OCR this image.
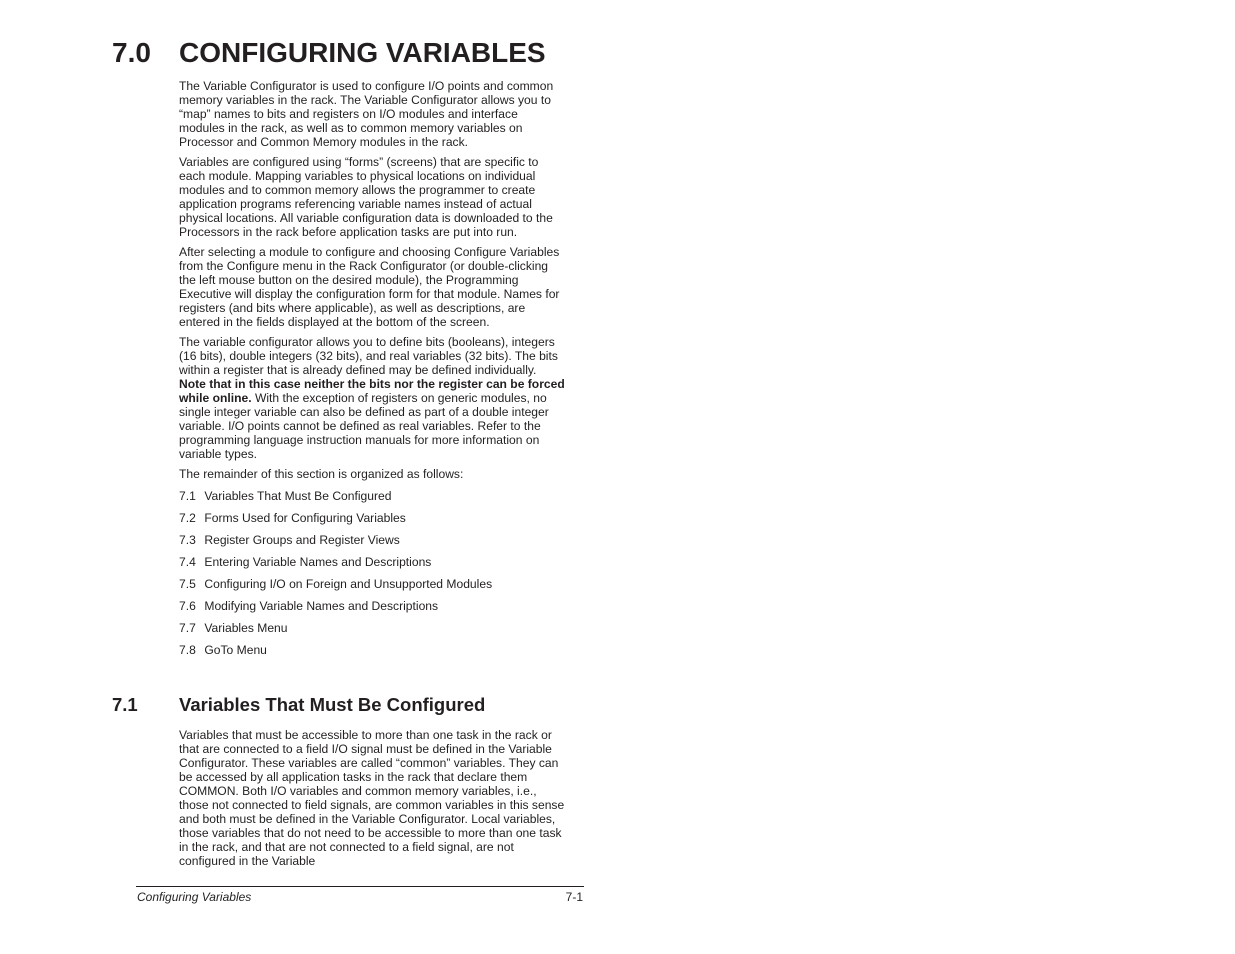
7.0 CONFIGURING VARIABLES

The Variable Configurator is used to configure I/O points and common memory variables in the rack. The Variable Configurator allows you to “map” names to bits and registers on I/O modules and interface modules in the rack, as well as to common memory variables on Processor and Common Memory modules in the rack.

Variables are configured using “forms” (screens) that are specific to each module. Mapping variables to physical locations on individual modules and to common memory allows the programmer to create application programs referencing variable names instead of actual physical locations. All variable configuration data is downloaded to the Processors in the rack before application tasks are put into run.

After selecting a module to configure and choosing Configure Variables from the Configure menu in the Rack Configurator (or double-clicking the left mouse button on the desired module), the Programming Executive will display the configuration form for that module. Names for registers (and bits where applicable), as well as descriptions, are entered in the fields displayed at the bottom of the screen.

The variable configurator allows you to define bits (booleans), integers (16 bits), double integers (32 bits), and real variables (32 bits). The bits within a register that is already defined may be defined individually. Note that in this case neither the bits nor the register can be forced while online. With the exception of registers on generic modules, no single integer variable can also be defined as part of a double integer variable. I/O points cannot be defined as real variables. Refer to the programming language instruction manuals for more information on variable types.

The remainder of this section is organized as follows:

7.1 Variables That Must Be Configured
7.2 Forms Used for Configuring Variables
7.3 Register Groups and Register Views
7.4 Entering Variable Names and Descriptions
7.5 Configuring I/O on Foreign and Unsupported Modules
7.6 Modifying Variable Names and Descriptions
7.7 Variables Menu
7.8 GoTo Menu
7.1 Variables That Must Be Configured

Variables that must be accessible to more than one task in the rack or that are connected to a field I/O signal must be defined in the Variable Configurator. These variables are called “common” variables. They can be accessed by all application tasks in the rack that declare them COMMON. Both I/O variables and common memory variables, i.e., those not connected to field signals, are common variables in this sense and both must be defined in the Variable Configurator. Local variables, those variables that do not need to be accessible to more than one task in the rack, and that are not connected to a field signal, are not configured in the Variable

Configuring Variables	7-1
